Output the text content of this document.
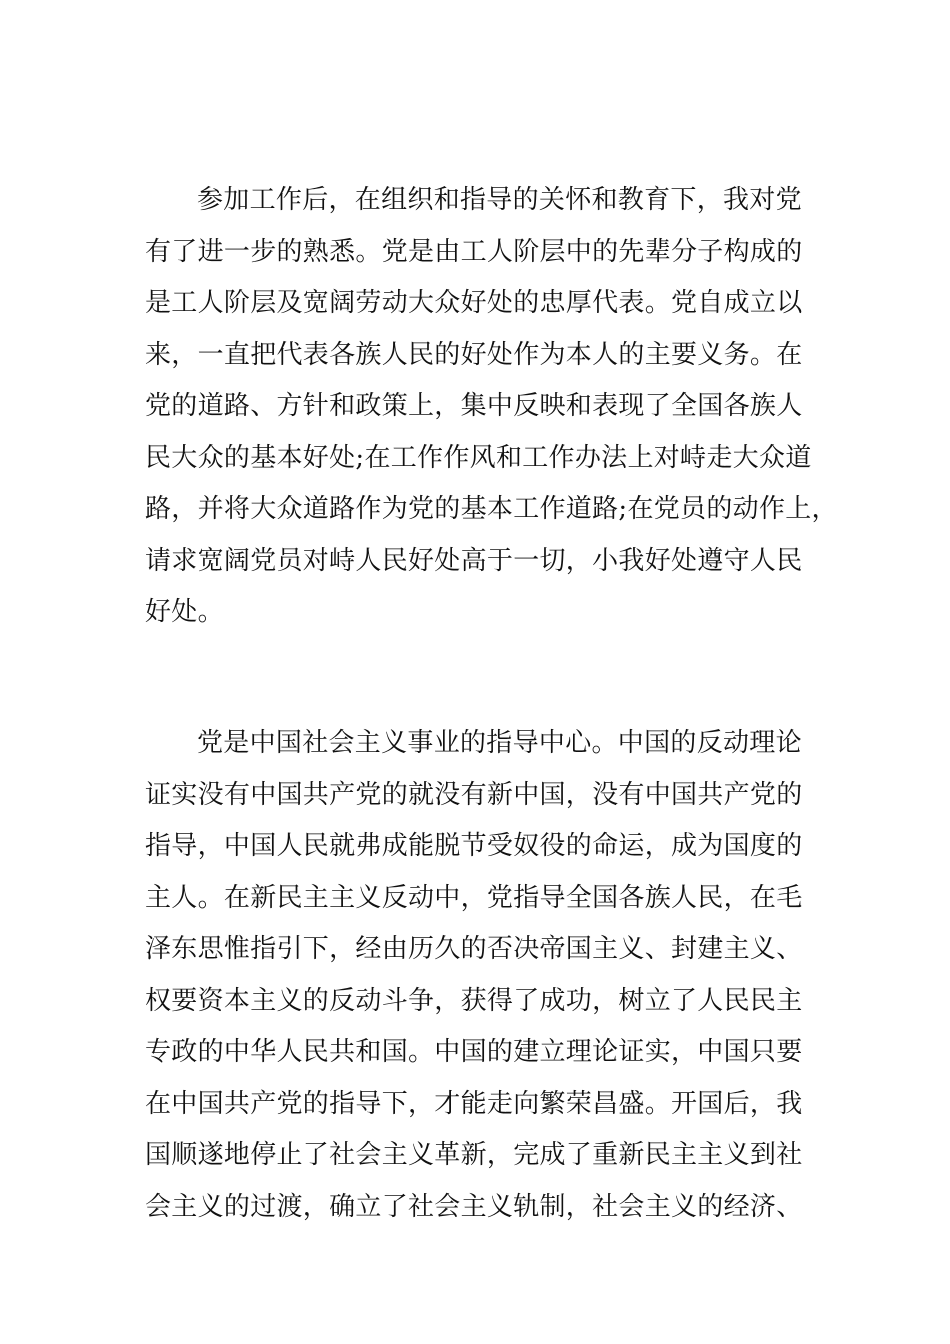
参加工作后，在组织和指导的关怀和教育下，我对党
有了进一步的熟悉。党是由工人阶层中的先辈分子构成的
是工人阶层及宽阔劳动大众好处的忠厚代表。党自成立以
来，一直把代表各族人民的好处作为本人的主要义务。在
党的道路、方针和政策上，集中反映和表现了全国各族人
民大众的基本好处;在工作作风和工作办法上对峙走大众道
路，并将大众道路作为党的基本工作道路;在党员的动作上，
请求宽阔党员对峙人民好处高于一切，小我好处遵守人民
好处。
党是中国社会主义事业的指导中心。中国的反动理论
证实没有中国共产党的就没有新中国，没有中国共产党的
指导，中国人民就弗成能脱节受奴役的命运，成为国度的
主人。在新民主主义反动中，党指导全国各族人民，在毛
泽东思惟指引下，经由历久的否决帝国主义、封建主义、
权要资本主义的反动斗争，获得了成功，树立了人民民主
专政的中华人民共和国。中国的建立理论证实，中国只要
在中国共产党的指导下，才能走向繁荣昌盛。开国后，我
国顺遂地停止了社会主义革新，完成了重新民主主义到社
会主义的过渡，确立了社会主义轨制，社会主义的经济、
